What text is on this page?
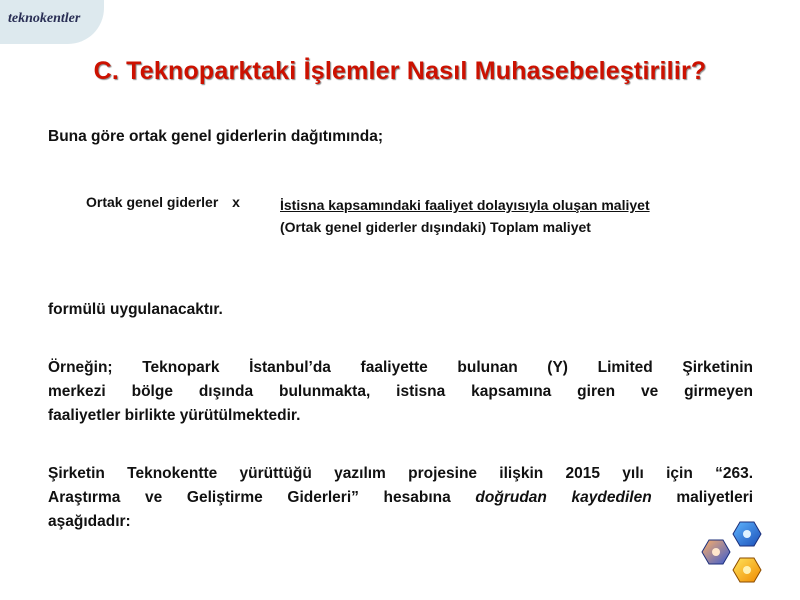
teknokentler
C. Teknoparktaki İşlemler Nasıl Muhasebeleştirilir?
Buna göre ortak genel giderlerin dağıtımında;
Ortak genel giderler x	İstisna kapsamındaki faaliyet dolayısıyla oluşan maliyet
(Ortak genel giderler dışındaki) Toplam maliyet
formülü uygulanacaktır.
Örneğin; Teknopark İstanbul’da faaliyette bulunan (Y) Limited Şirketinin
merkezi bölge dışında bulunmakta, istisna kapsamına giren ve girmeyen
faaliyetler birlikte yürütülmektedir.
Şirketin Teknokentte yürüttüğü yazılım projesine ilişkin 2015 yılı için “263.
Araştırma ve Geliştirme Giderleri” hesabına doğrudan kaydedilen maliyetleri
aşağıdadır:
